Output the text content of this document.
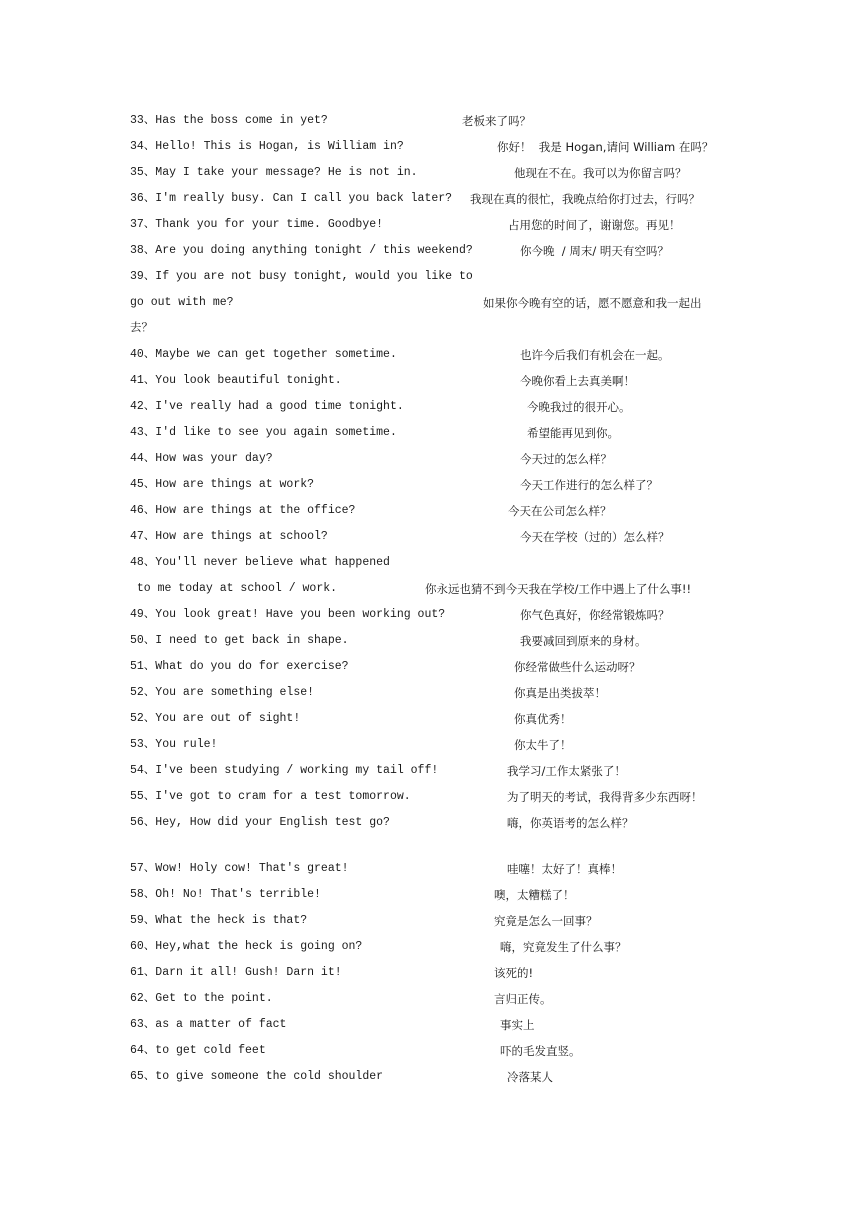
33、Has the boss come in yet?	老板来了吗？
34、Hello! This is Hogan, is William in?	你好！  我是 Hogan,请问 William 在吗？
35、May I take your message? He is not in.	他现在不在。我可以为你留言吗？
36、I'm really busy. Can I call you back later? 我现在真的很忙，我晚点给你打过去，行吗？
37、Thank you for your time. Goodbye!	占用您的时间了，谢谢您。再见！
38、Are you doing anything tonight / this weekend?	你今晚  / 周末/ 明天有空吗？
39、If you are not busy tonight, would you like to
go out with me?	如果你今晚有空的话，愿不愿意和我一起出
去？
40、Maybe we can get together sometime.	也许今后我们有机会在一起。
41、You look beautiful tonight.	今晚你看上去真美啊！
42、I've really had a good time tonight.	今晚我过的很开心。
43、I'd like to see you again sometime.	希望能再见到你。
44、How was your day?	今天过的怎么样？
45、How are things at work?	今天工作进行的怎么样了？
46、How are things at the office?	今天在公司怎么样？
47、How are things at school?	今天在学校（过的）怎么样？
48、You'll never believe what happened
to me today at school / work.	你永远也猜不到今天我在学校/工作中遇上了什么事!!
49、You look great! Have you been working out?	你气色真好，你经常锻炼吗？
50、I need to get back in shape.	我要减回到原来的身材。
51、What do you do for exercise?	你经常做些什么运动呀？
52、You are something else!	你真是出类拔萃！
52、You are out of sight!	你真优秀！
53、You rule!	你太牛了！
54、I've been studying / working my tail off!	我学习/工作太紧张了！
55、I've got to cram for a test tomorrow.	为了明天的考试，我得背多少东西呀！
56、Hey, How did your English test go?	嗨，你英语考的怎么样？
57、Wow! Holy cow! That's great!	哇噻！太好了！真棒！
58、Oh! No! That's terrible!	噢，太糟糕了！
59、What the heck is that?	究竟是怎么一回事？
60、Hey,what the heck is going on?	嗨，究竟发生了什么事？
61、Darn it all! Gush! Darn it!	该死的!
62、Get to the point.	言归正传。
63、as a matter of fact	事实上
64、to get cold feet	吓的毛发直竖。
65、to give someone the cold shoulder	冷落某人
